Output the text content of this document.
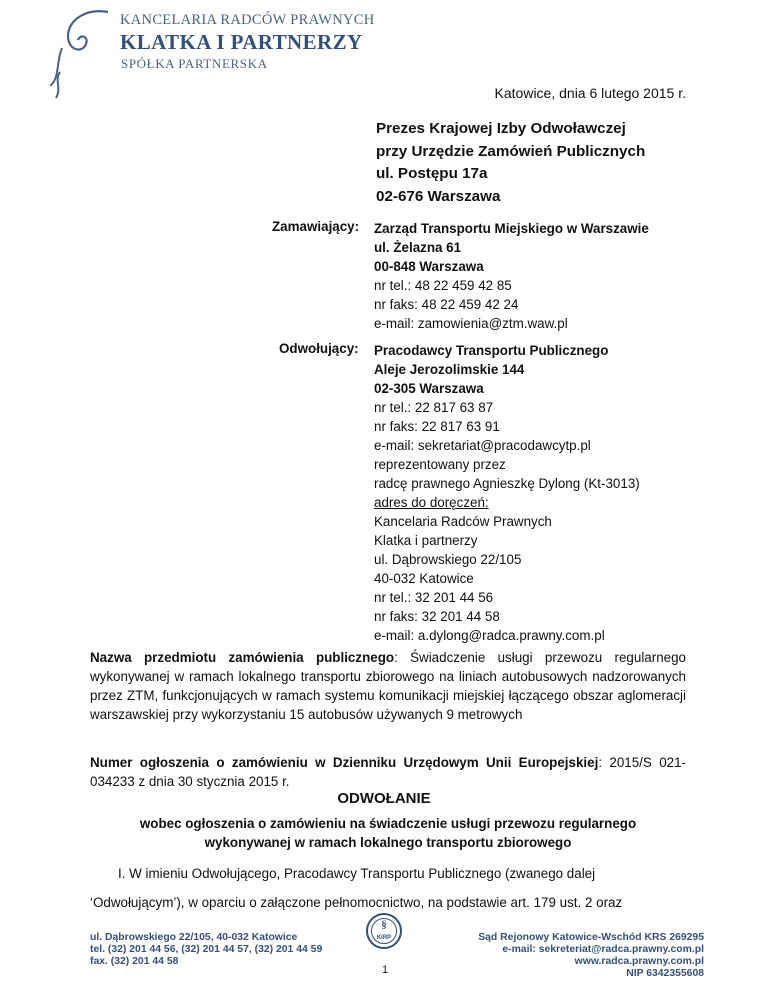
KANCELARIA RADCÓW PRAWNYCH
KLATKA I PARTNERZY
SPÓŁKA PARTNERSKA
Katowice, dnia 6 lutego 2015 r.
Prezes Krajowej Izby Odwoławczej
przy Urzędzie Zamówień Publicznych
ul. Postępu 17a
02-676 Warszawa
Zamawiający: Zarząd Transportu Miejskiego w Warszawie
ul. Żelazna 61
00-848 Warszawa
nr tel.: 48 22 459 42 85
nr faks: 48 22 459 42 24
e-mail: zamowienia@ztm.waw.pl
Odwołujący: Pracodawcy Transportu Publicznego
Aleje Jerozolimskie 144
02-305 Warszawa
nr tel.: 22 817 63 87
nr faks: 22 817 63 91
e-mail: sekretariat@pracodawcytp.pl
reprezentowany przez
radcę prawnego Agnieszkę Dylong (Kt-3013)
adres do doręczeń:
Kancelaria Radców Prawnych
Klatka i partnerzy
ul. Dąbrowskiego 22/105
40-032 Katowice
nr tel.: 32 201 44 56
nr faks: 32 201 44 58
e-mail: a.dylong@radca.prawny.com.pl
Nazwa przedmiotu zamówienia publicznego: Świadczenie usługi przewozu regularnego wykonywanej w ramach lokalnego transportu zbiorowego na liniach autobusowych nadzorowanych przez ZTM, funkcjonujących w ramach systemu komunikacji miejskiej łączącego obszar aglomeracji warszawskiej przy wykorzystaniu 15 autobusów używanych 9 metrowych
Numer ogłoszenia o zamówieniu w Dzienniku Urzędowym Unii Europejskiej: 2015/S 021-034233 z dnia 30 stycznia 2015 r.
ODWOŁANIE
wobec ogłoszenia o zamówieniu na świadczenie usługi przewozu regularnego
wykonywanej w ramach lokalnego transportu zbiorowego
I. W imieniu Odwołującego, Pracodawcy Transportu Publicznego (zwanego dalej
‘Odwołującym’), w oparciu o załączone pełnomocnictwo, na podstawie art. 179 ust. 2 oraz
ul. Dąbrowskiego 22/105, 40-032 Katowice
tel. (32) 201 44 56, (32) 201 44 57, (32) 201 44 59
fax. (32) 201 44 58
§
KIRP
1
Sąd Rejonowy Katowice-Wschód KRS 269295
e-mail: sekreteriat@radca.prawny.com.pl
www.radca.prawny.com.pl
NIP 6342355608
